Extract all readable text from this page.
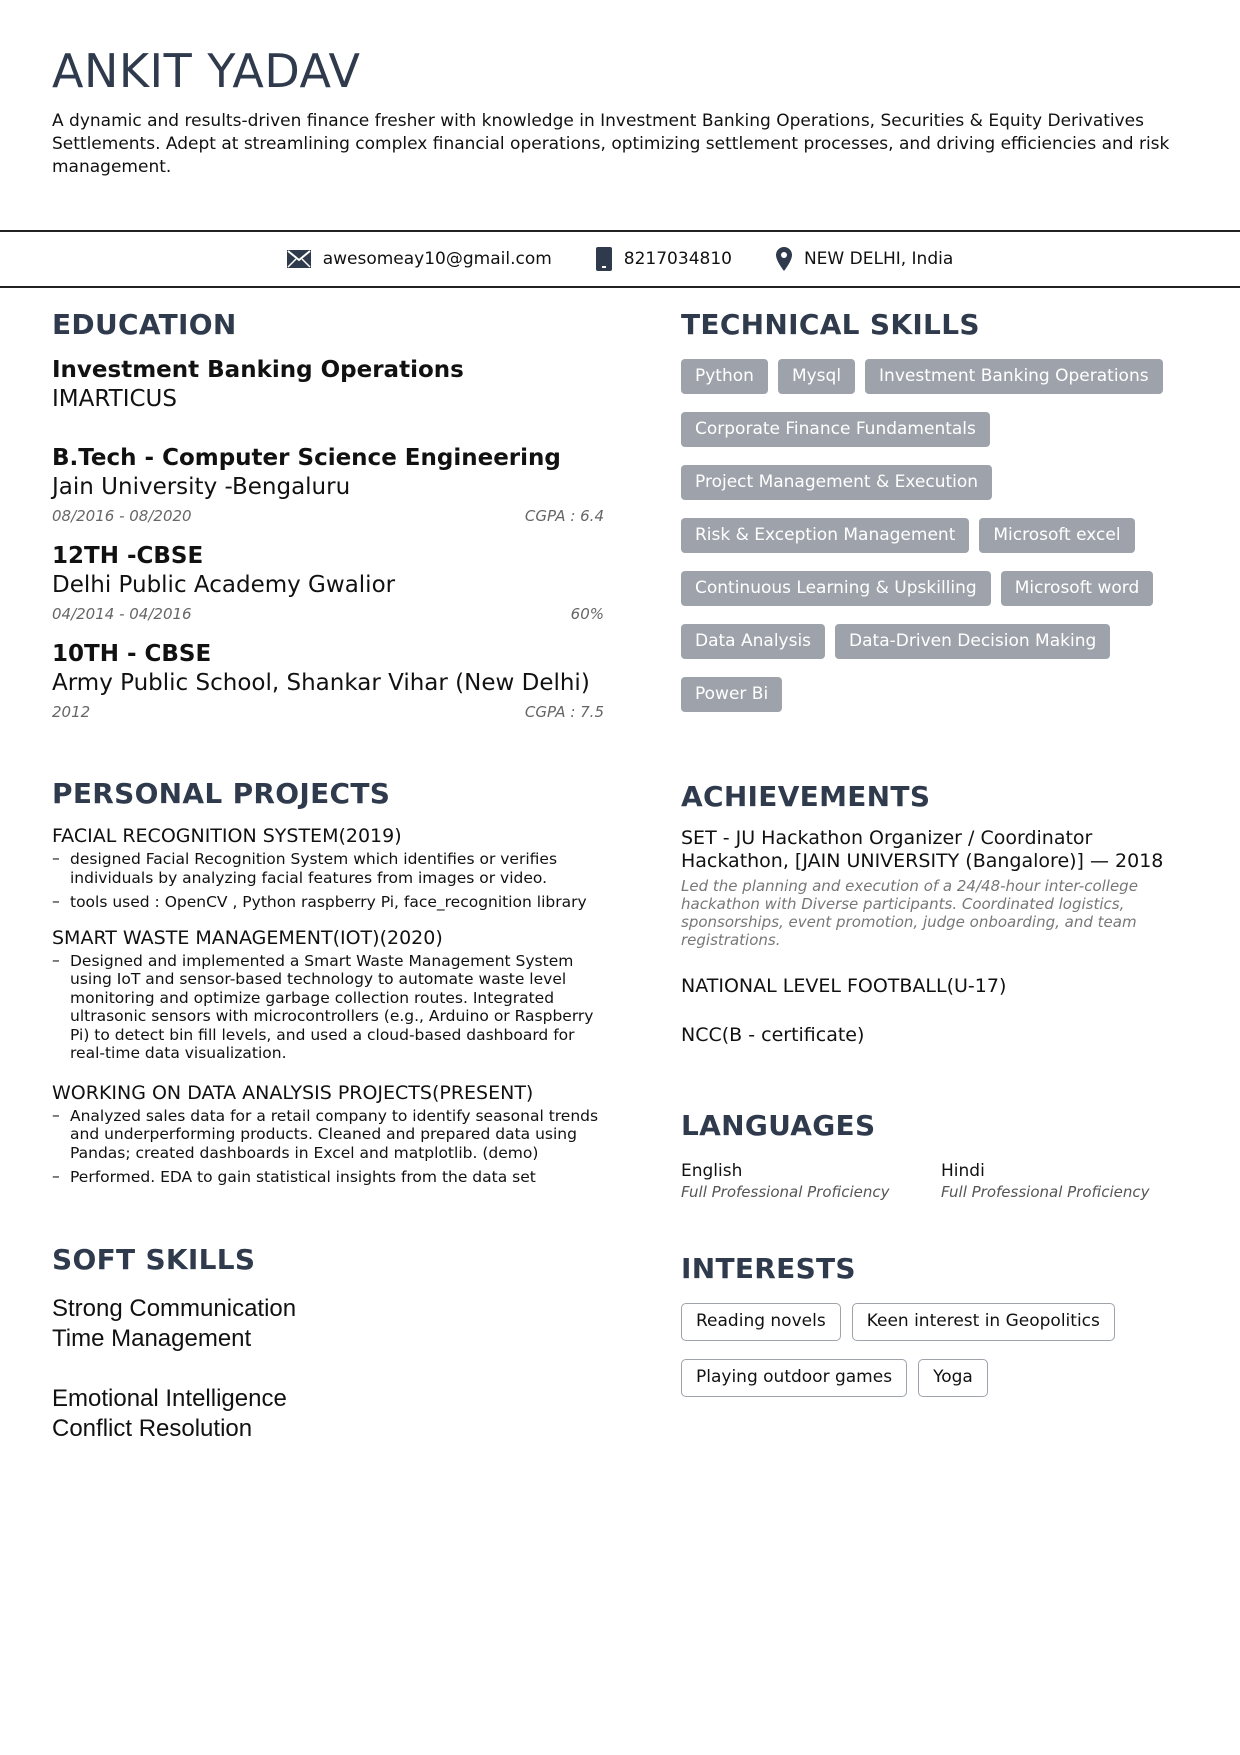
ANKIT YADAV

A dynamic and results-driven finance fresher with knowledge in Investment Banking Operations, Securities & Equity Derivatives Settlements. Adept at streamlining complex financial operations, optimizing settlement processes, and driving efficiencies and risk management.

awesomeay10@gmail.com	8217034810	NEW DELHI, India
EDUCATION
Investment Banking Operations
IMARTICUS
B.Tech - Computer Science Engineering
Jain University -Bengaluru
08/2016 - 08/2020	CGPA : 6.4
12TH -CBSE
Delhi Public Academy Gwalior
04/2014 - 04/2016	60%
10TH - CBSE
Army Public School, Shankar Vihar (New Delhi)
2012	CGPA : 7.5
PERSONAL PROJECTS
FACIAL RECOGNITION SYSTEM(2019)
– designed Facial Recognition System which identifies or verifies individuals by analyzing facial features from images or video.
– tools used : OpenCV , Python raspberry Pi, face_recognition library
SMART WASTE MANAGEMENT(IOT)(2020)
– Designed and implemented a Smart Waste Management System using IoT and sensor-based technology to automate waste level monitoring and optimize garbage collection routes. Integrated ultrasonic sensors with microcontrollers (e.g., Arduino or Raspberry Pi) to detect bin fill levels, and used a cloud-based dashboard for real-time data visualization.
WORKING ON DATA ANALYSIS PROJECTS(PRESENT)
– Analyzed sales data for a retail company to identify seasonal trends and underperforming products. Cleaned and prepared data using Pandas; created dashboards in Excel and matplotlib. (demo)
– Performed. EDA to gain statistical insights from the data set
SOFT SKILLS
Strong Communication
Time Management
Emotional Intelligence
Conflict Resolution
TECHNICAL SKILLS
Python	Mysql	Investment Banking Operations
Corporate Finance Fundamentals
Project Management & Execution
Risk & Exception Management	Microsoft excel
Continuous Learning & Upskilling	Microsoft word
Data Analysis	Data-Driven Decision Making
Power Bi
ACHIEVEMENTS
SET - JU Hackathon Organizer / Coordinator Hackathon, [JAIN UNIVERSITY (Bangalore)] — 2018
Led the planning and execution of a 24/48-hour inter-college hackathon with Diverse participants. Coordinated logistics, sponsorships, event promotion, judge onboarding, and team registrations.
NATIONAL LEVEL FOOTBALL(U-17)
NCC(B - certificate)
LANGUAGES
English
Full Professional Proficiency
Hindi
Full Professional Proficiency
INTERESTS
Reading novels	Keen interest in Geopolitics
Playing outdoor games	Yoga
